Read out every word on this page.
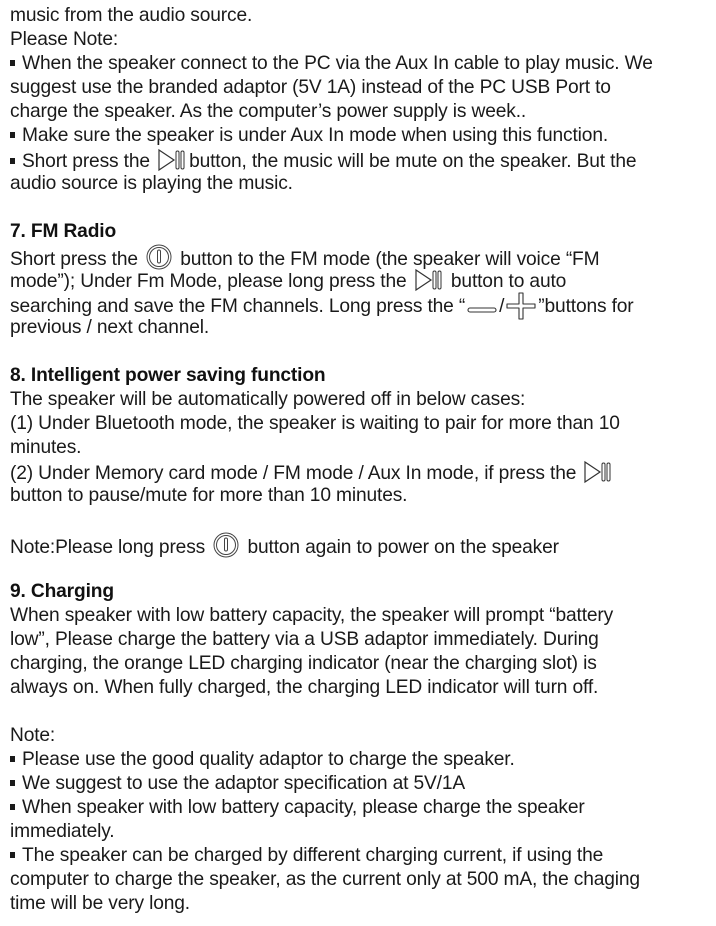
music from the audio source.
Please Note:
When the speaker connect to the PC via the Aux In cable to play music. We
suggest use the branded adaptor (5V 1A) instead of the PC USB Port to
charge the speaker. As the computer’s power supply is week..
Make sure the speaker is under Aux In mode when using this function.
Short press the button, the music will be mute on the speaker. But the
audio source is playing the music.
7. FM Radio
Short press the button to the FM mode (the speaker will voice “FM
mode”); Under Fm Mode, please long press the button to auto
searching and save the FM channels. Long press the “ / ”buttons for
previous / next channel.
8. Intelligent power saving function
The speaker will be automatically powered off in below cases:
(1) Under Bluetooth mode, the speaker is waiting to pair for more than 10
minutes.
(2) Under Memory card mode / FM mode / Aux In mode, if press the
button to pause/mute for more than 10 minutes.
Note:Please long press button again to power on the speaker
9. Charging
When speaker with low battery capacity, the speaker will prompt “battery
low”, Please charge the battery via a USB adaptor immediately. During
charging, the orange LED charging indicator (near the charging slot) is
always on. When fully charged, the charging LED indicator will turn off.
Note:
Please use the good quality adaptor to charge the speaker.
We suggest to use the adaptor specification at 5V/1A
When speaker with low battery capacity, please charge the speaker
immediately.
The speaker can be charged by different charging current, if using the
computer to charge the speaker, as the current only at 500 mA, the chaging
time will be very long.
